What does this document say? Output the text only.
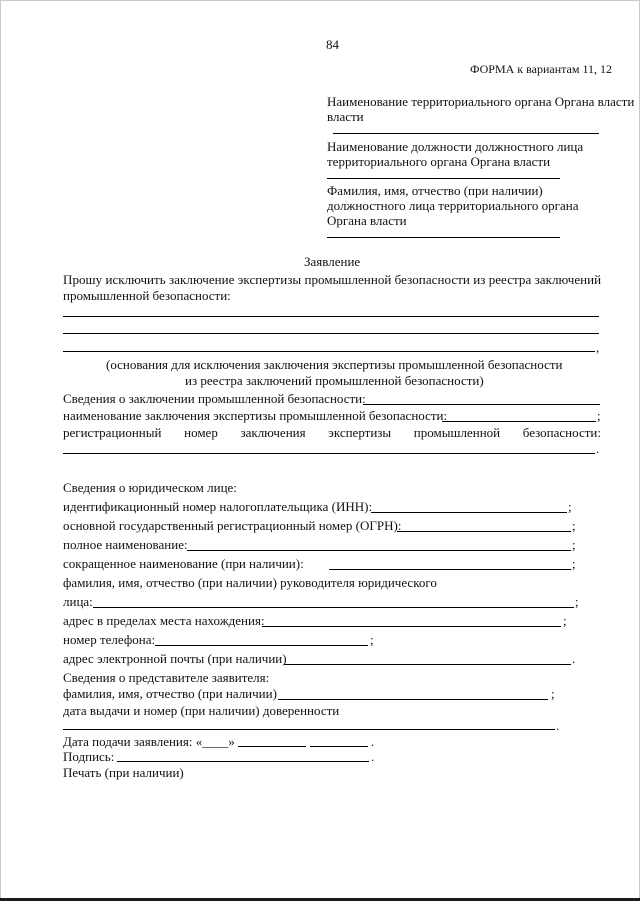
84
ФОРМА к вариантам 11, 12
Наименование территориального органа Органа власти
власти
Наименование должности должностного лица
территориального органа Органа власти
Фамилия, имя, отчество (при наличии)
должностного лица территориального органа
Органа власти
Заявление
Прошу исключить заключение экспертизы промышленной безопасности из реестра заключений
промышленной безопасности:
,
(основания для исключения заключения экспертизы промышленной безопасности
из реестра заключений промышленной безопасности)
Сведения о заключении промышленной безопасности:
наименование заключения экспертизы промышленной безопасности:	;
регистрационный номер заключения экспертизы промышленной безопасности:
.
Сведения о юридическом лице:
идентификационный номер налогоплательщика (ИНН):	;
основной государственный регистрационный номер (ОГРН):	;
полное наименование:	;
сокращенное наименование (при наличии):	;
фамилия, имя, отчество (при наличии) руководителя юридического
лица:	;
адрес в пределах места нахождения:	;
номер телефона:	;
адрес электронной почты (при наличии)	.
Сведения о представителе заявителя:
фамилия, имя, отчество (при наличии)	;
дата выдачи и номер (при наличии) доверенности
.
Дата подачи заявления: «____»	.
Подпись:	.
Печать (при наличии)
